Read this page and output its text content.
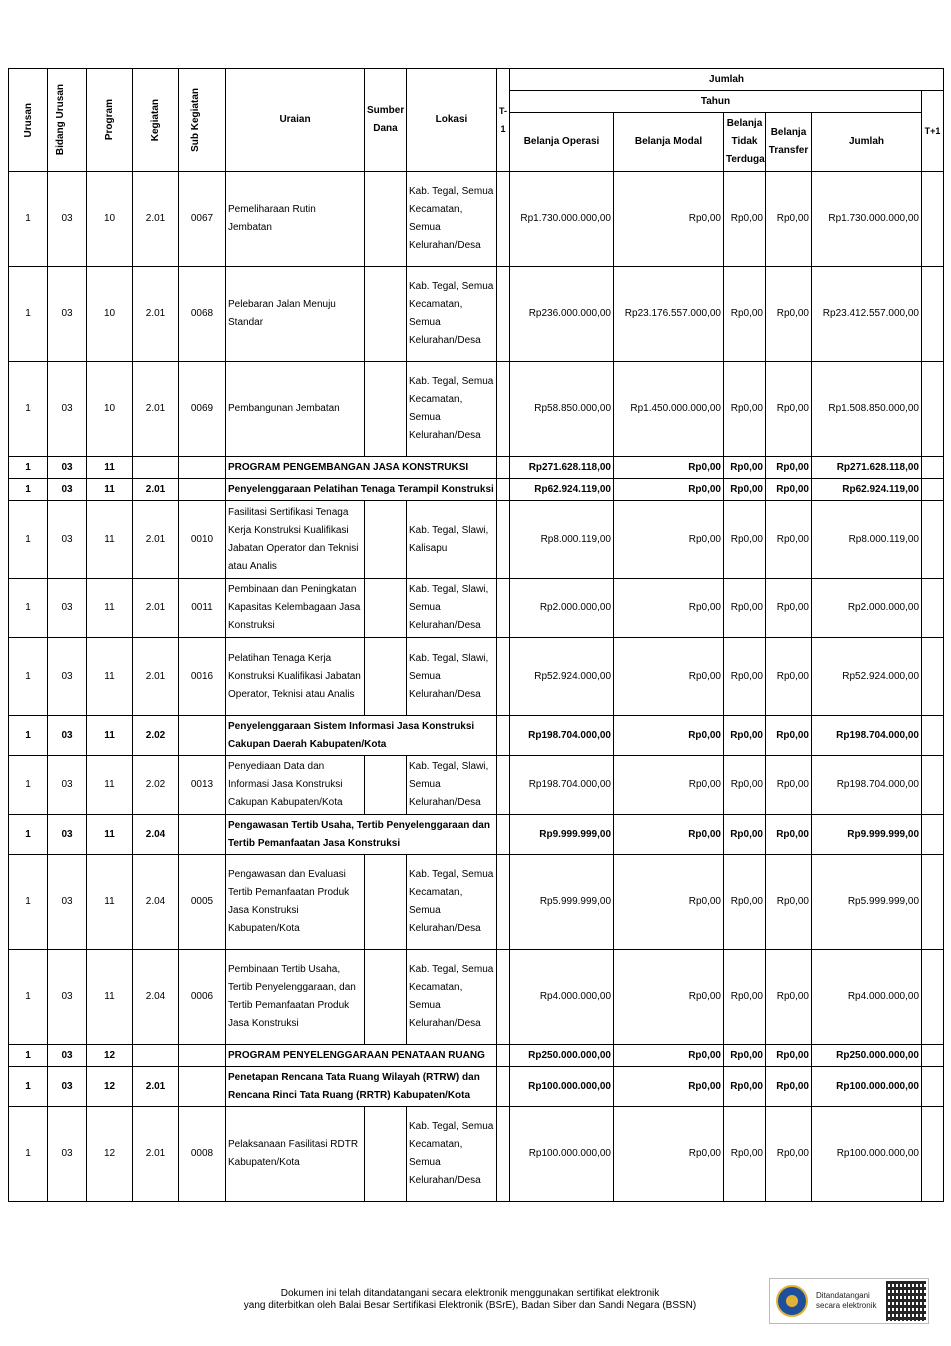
Urusan	Bidang Urusan	Program	Kegiatan	Sub Kegiatan	Uraian	Sumber Dana	Lokasi	T-1	Jumlah					
									Tahun					T+1
									Belanja Operasi	Belanja Modal	Belanja Tidak Terduga	Belanja Transfer	Jumlah	
1	03	10	2.01	0067	Pemeliharaan Rutin Jembatan		Kab. Tegal, Semua Kecamatan, Semua Kelurahan/Desa		Rp1.730.000.000,00	Rp0,00	Rp0,00	Rp0,00	Rp1.730.000.000,00	
1	03	10	2.01	0068	Pelebaran Jalan Menuju Standar		Kab. Tegal, Semua Kecamatan, Semua Kelurahan/Desa		Rp236.000.000,00	Rp23.176.557.000,00	Rp0,00	Rp0,00	Rp23.412.557.000,00	
1	03	10	2.01	0069	Pembangunan Jembatan		Kab. Tegal, Semua Kecamatan, Semua Kelurahan/Desa		Rp58.850.000,00	Rp1.450.000.000,00	Rp0,00	Rp0,00	Rp1.508.850.000,00	
1	03	11			PROGRAM PENGEMBANGAN JASA KONSTRUKSI				Rp271.628.118,00	Rp0,00	Rp0,00	Rp0,00	Rp271.628.118,00	
1	03	11	2.01		Penyelenggaraan Pelatihan Tenaga Terampil Konstruksi				Rp62.924.119,00	Rp0,00	Rp0,00	Rp0,00	Rp62.924.119,00	
1	03	11	2.01	0010	Fasilitasi Sertifikasi Tenaga Kerja Konstruksi Kualifikasi Jabatan Operator dan Teknisi atau Analis		Kab. Tegal, Slawi, Kalisapu		Rp8.000.119,00	Rp0,00	Rp0,00	Rp0,00	Rp8.000.119,00	
1	03	11	2.01	0011	Pembinaan dan Peningkatan Kapasitas Kelembagaan Jasa Konstruksi		Kab. Tegal, Slawi, Semua Kelurahan/Desa		Rp2.000.000,00	Rp0,00	Rp0,00	Rp0,00	Rp2.000.000,00	
1	03	11	2.01	0016	Pelatihan Tenaga Kerja Konstruksi Kualifikasi Jabatan Operator, Teknisi atau Analis		Kab. Tegal, Slawi, Semua Kelurahan/Desa		Rp52.924.000,00	Rp0,00	Rp0,00	Rp0,00	Rp52.924.000,00	
1	03	11	2.02		Penyelenggaraan Sistem Informasi Jasa Konstruksi Cakupan Daerah Kabupaten/Kota				Rp198.704.000,00	Rp0,00	Rp0,00	Rp0,00	Rp198.704.000,00	
1	03	11	2.02	0013	Penyediaan Data dan Informasi Jasa Konstruksi Cakupan Kabupaten/Kota		Kab. Tegal, Slawi, Semua Kelurahan/Desa		Rp198.704.000,00	Rp0,00	Rp0,00	Rp0,00	Rp198.704.000,00	
1	03	11	2.04		Pengawasan Tertib Usaha, Tertib Penyelenggaraan dan Tertib Pemanfaatan Jasa Konstruksi				Rp9.999.999,00	Rp0,00	Rp0,00	Rp0,00	Rp9.999.999,00	
1	03	11	2.04	0005	Pengawasan dan Evaluasi Tertib Pemanfaatan Produk Jasa Konstruksi Kabupaten/Kota		Kab. Tegal, Semua Kecamatan, Semua Kelurahan/Desa		Rp5.999.999,00	Rp0,00	Rp0,00	Rp0,00	Rp5.999.999,00	
1	03	11	2.04	0006	Pembinaan Tertib Usaha, Tertib Penyelenggaraan, dan Tertib Pemanfaatan Produk Jasa Konstruksi		Kab. Tegal, Semua Kecamatan, Semua Kelurahan/Desa		Rp4.000.000,00	Rp0,00	Rp0,00	Rp0,00	Rp4.000.000,00	
1	03	12			PROGRAM PENYELENGGARAAN PENATAAN RUANG				Rp250.000.000,00	Rp0,00	Rp0,00	Rp0,00	Rp250.000.000,00	
1	03	12	2.01		Penetapan Rencana Tata Ruang Wilayah (RTRW) dan Rencana Rinci Tata Ruang (RRTR) Kabupaten/Kota				Rp100.000.000,00	Rp0,00	Rp0,00	Rp0,00	Rp100.000.000,00	
1	03	12	2.01	0008	Pelaksanaan Fasilitasi RDTR Kabupaten/Kota		Kab. Tegal, Semua Kecamatan, Semua Kelurahan/Desa		Rp100.000.000,00	Rp0,00	Rp0,00	Rp0,00	Rp100.000.000,00	
Dokumen ini telah ditandatangani secara elektronik menggunakan sertifikat elektronik
yang diterbitkan oleh Balai Besar Sertifikasi Elektronik (BSrE), Badan Siber dan Sandi Negara (BSSN)
Ditandatangani
secara elektronik
